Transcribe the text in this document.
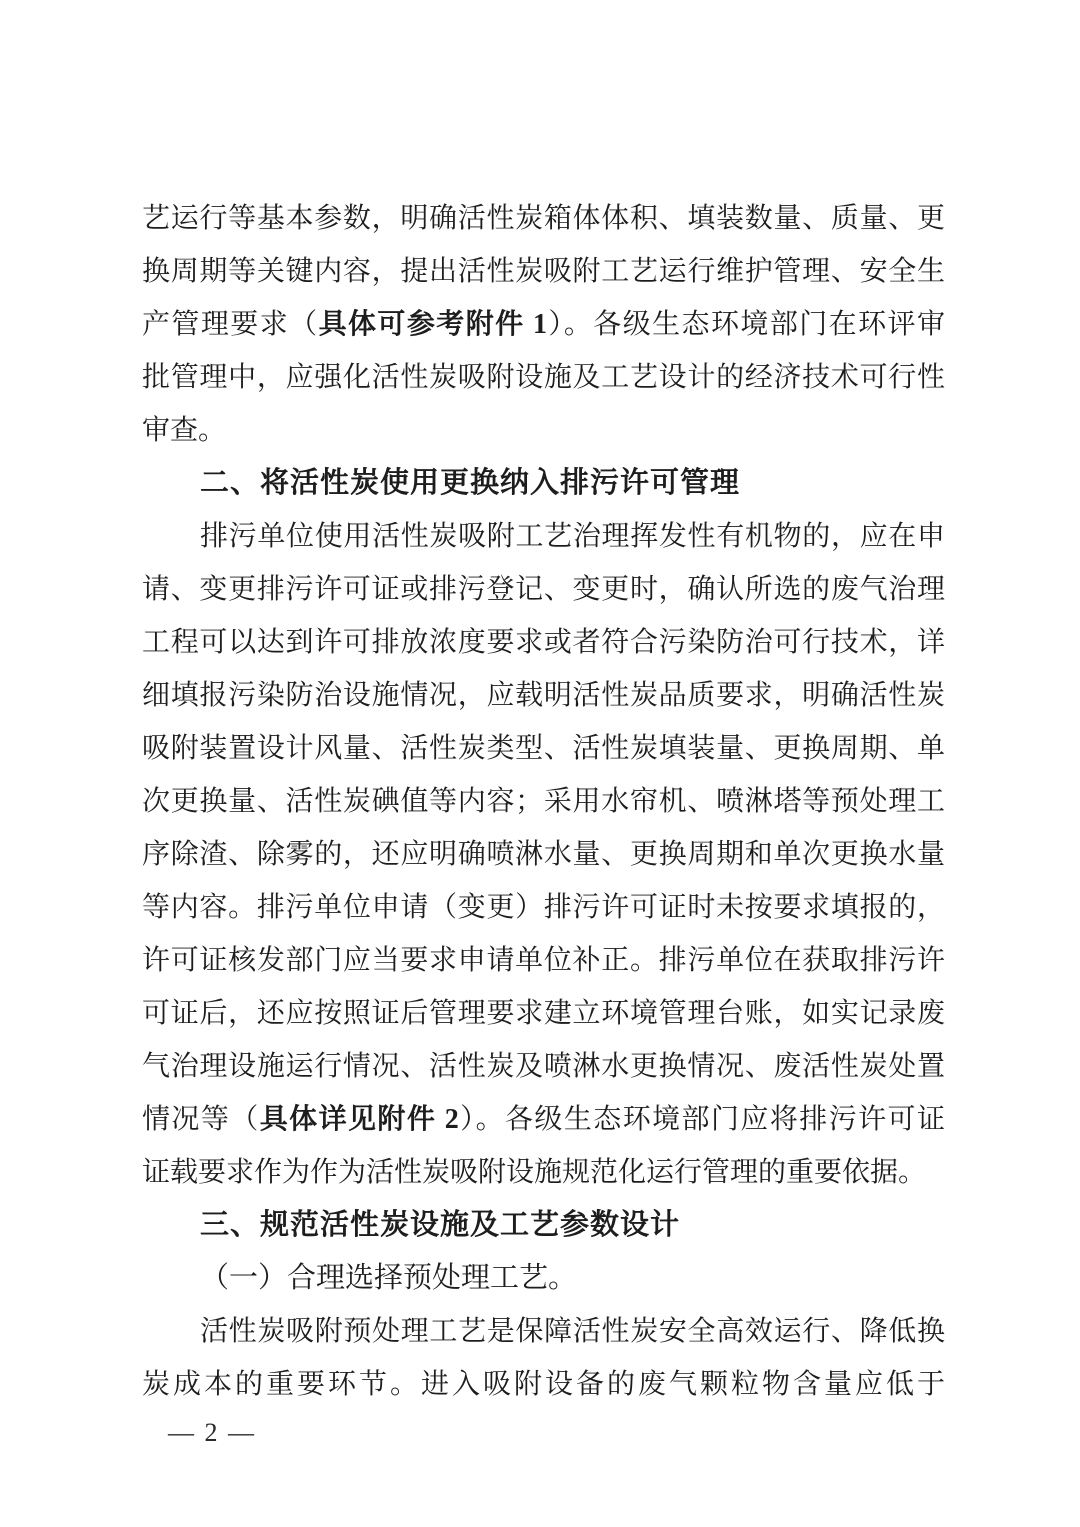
艺运行等基本参数，明确活性炭箱体体积、填装数量、质量、更
换周期等关键内容，提出活性炭吸附工艺运行维护管理、安全生
产管理要求（具体可参考附件 1）。各级生态环境部门在环评审
批管理中，应强化活性炭吸附设施及工艺设计的经济技术可行性
审查。
二、将活性炭使用更换纳入排污许可管理
排污单位使用活性炭吸附工艺治理挥发性有机物的，应在申
请、变更排污许可证或排污登记、变更时，确认所选的废气治理
工程可以达到许可排放浓度要求或者符合污染防治可行技术，详
细填报污染防治设施情况，应载明活性炭品质要求，明确活性炭
吸附装置设计风量、活性炭类型、活性炭填装量、更换周期、单
次更换量、活性炭碘值等内容；采用水帘机、喷淋塔等预处理工
序除渣、除雾的，还应明确喷淋水量、更换周期和单次更换水量
等内容。排污单位申请（变更）排污许可证时未按要求填报的，
许可证核发部门应当要求申请单位补正。排污单位在获取排污许
可证后，还应按照证后管理要求建立环境管理台账，如实记录废
气治理设施运行情况、活性炭及喷淋水更换情况、废活性炭处置
情况等（具体详见附件 2）。各级生态环境部门应将排污许可证
证载要求作为作为活性炭吸附设施规范化运行管理的重要依据。
三、规范活性炭设施及工艺参数设计
（一）合理选择预处理工艺。
活性炭吸附预处理工艺是保障活性炭安全高效运行、降低换
炭成本的重要环节。进入吸附设备的废气颗粒物含量应低于
— 2 —
